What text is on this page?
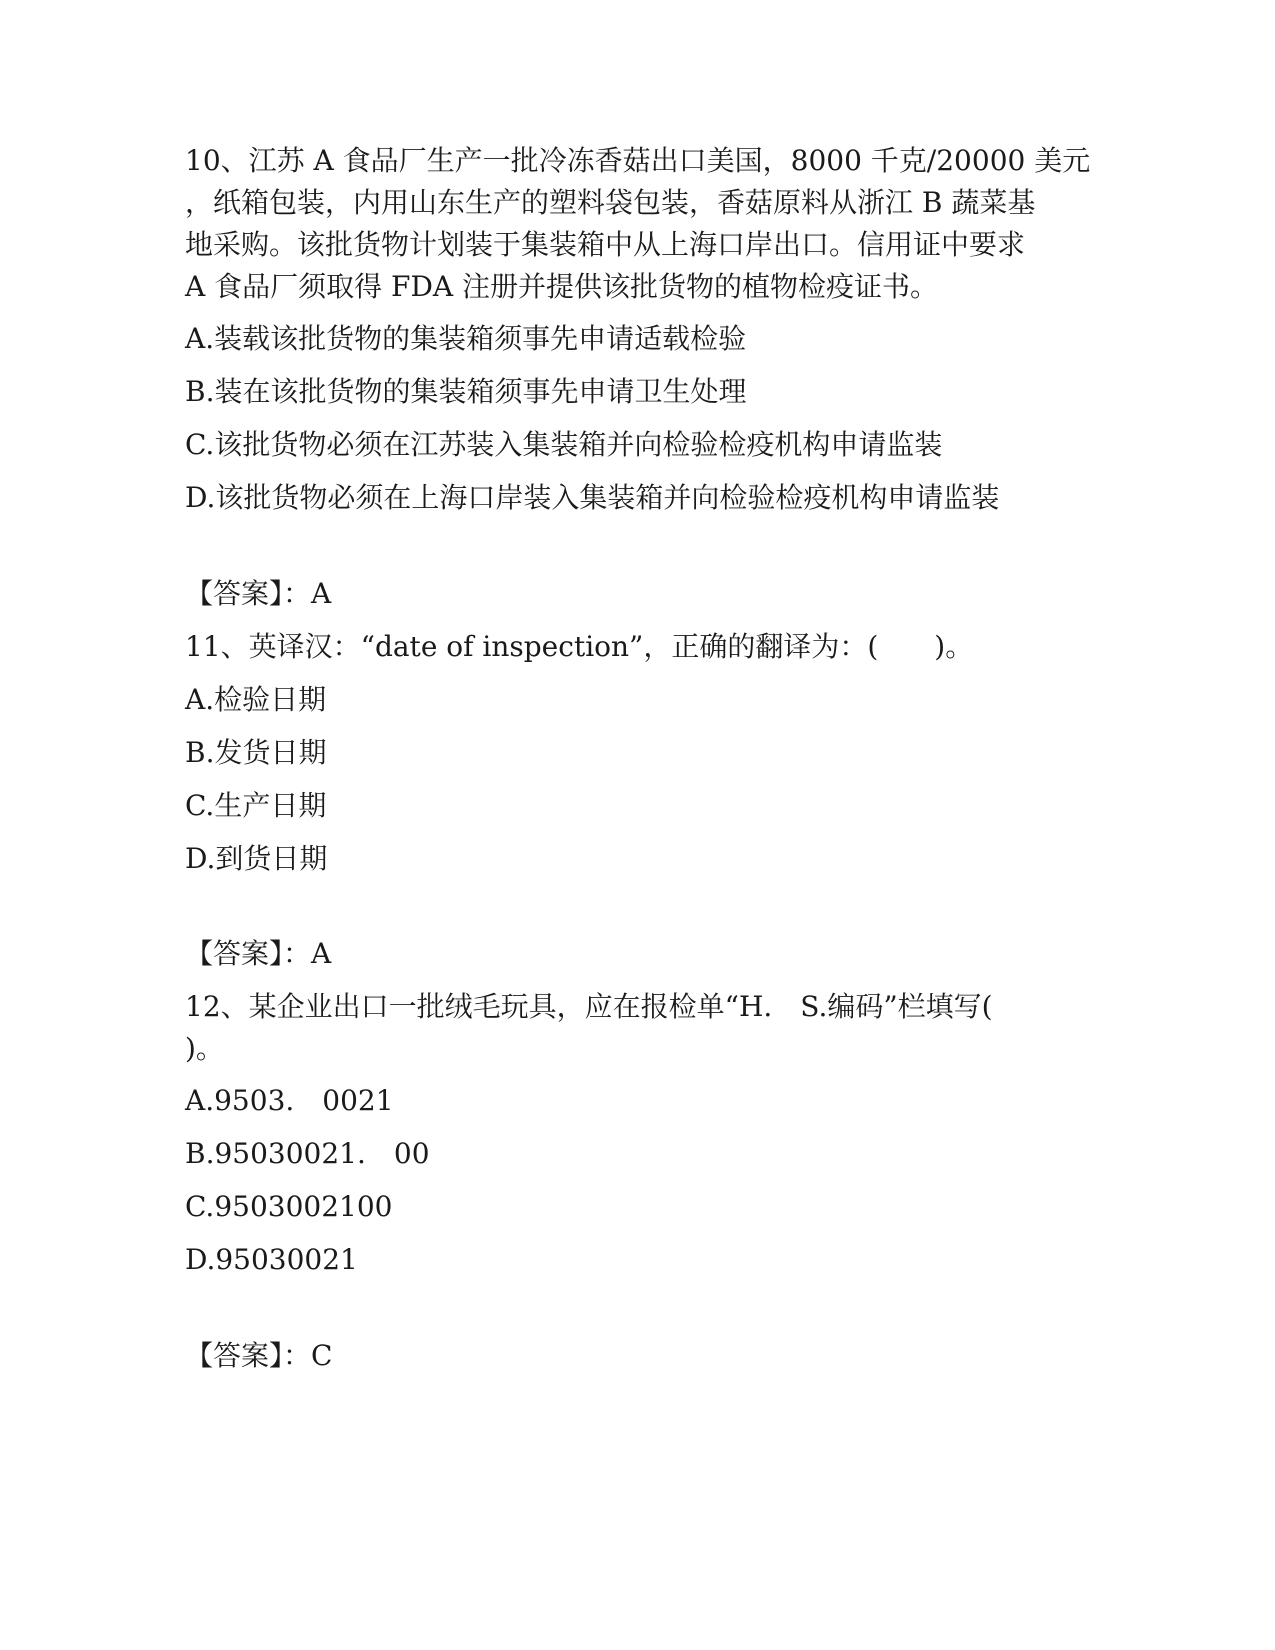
10、江苏 A 食品厂生产一批冷冻香菇出口美国，8000 千克/20000 美元

，纸箱包装，内用山东生产的塑料袋包装，香菇原料从浙江 B 蔬菜基

地采购。该批货物计划装于集装箱中从上海口岸出口。信用证中要求

A 食品厂须取得 FDA 注册并提供该批货物的植物检疫证书。

A.装载该批货物的集装箱须事先申请适载检验

B.装在该批货物的集装箱须事先申请卫生处理

C.该批货物必须在江苏装入集装箱并向检验检疫机构申请监装

D.该批货物必须在上海口岸装入集装箱并向检验检疫机构申请监装

【答案】：A

11、英译汉：“date of inspection”，正确的翻译为：(　　)。

A.检验日期

B.发货日期

C.生产日期

D.到货日期

【答案】：A

12、某企业出口一批绒毛玩具，应在报检单“H.　S.编码”栏填写(

)。

A.9503.　0021

B.95030021.　00

C.9503002100

D.95030021

【答案】：C
